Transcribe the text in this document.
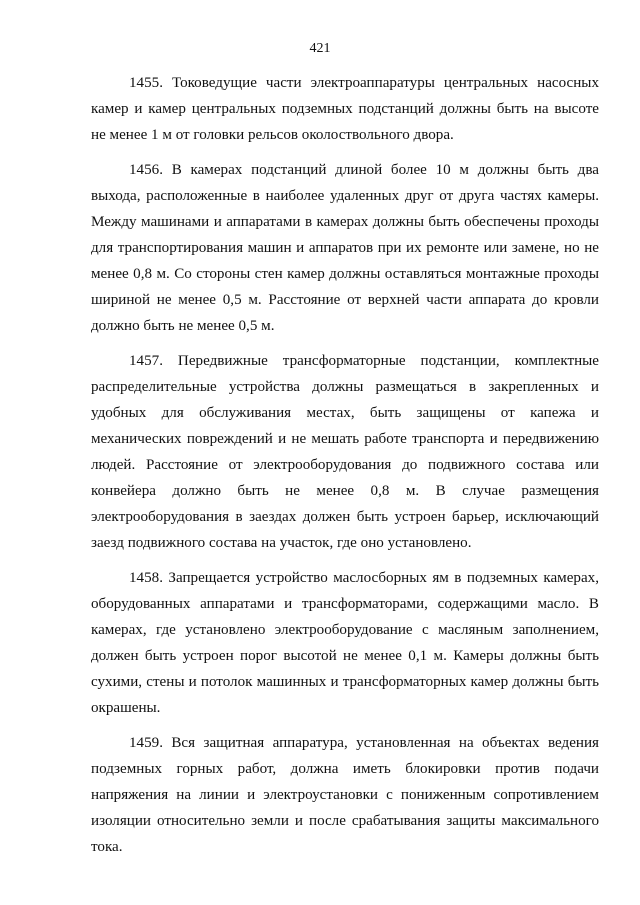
421

1455. Токоведущие части электроаппаратуры центральных насосных камер и камер центральных подземных подстанций должны быть на высоте не менее 1 м от головки рельсов околоствольного двора.

1456. В камерах подстанций длиной более 10 м должны быть два выхода, расположенные в наиболее удаленных друг от друга частях камеры. Между машинами и аппаратами в камерах должны быть обеспечены проходы для транспортирования машин и аппаратов при их ремонте или замене, но не менее 0,8 м. Со стороны стен камер должны оставляться монтажные проходы шириной не менее 0,5 м. Расстояние от верхней части аппарата до кровли должно быть не менее 0,5 м.

1457. Передвижные трансформаторные подстанции, комплектные распределительные устройства должны размещаться в закрепленных и удобных для обслуживания местах, быть защищены от капежа и механических повреждений и не мешать работе транспорта и передвижению людей. Расстояние от электрооборудования до подвижного состава или конвейера должно быть не менее 0,8 м. В случае размещения электрооборудования в заездах должен быть устроен барьер, исключающий заезд подвижного состава на участок, где оно установлено.

1458. Запрещается устройство маслосборных ям в подземных камерах, оборудованных аппаратами и трансформаторами, содержащими масло. В камерах, где установлено электрооборудование с масляным заполнением, должен быть устроен порог высотой не менее 0,1 м. Камеры должны быть сухими, стены и потолок машинных и трансформаторных камер должны быть окрашены.

1459. Вся защитная аппаратура, установленная на объектах ведения подземных горных работ, должна иметь блокировки против подачи напряжения на линии и электроустановки с пониженным сопротивлением изоляции относительно земли и после срабатывания защиты максимального тока.
